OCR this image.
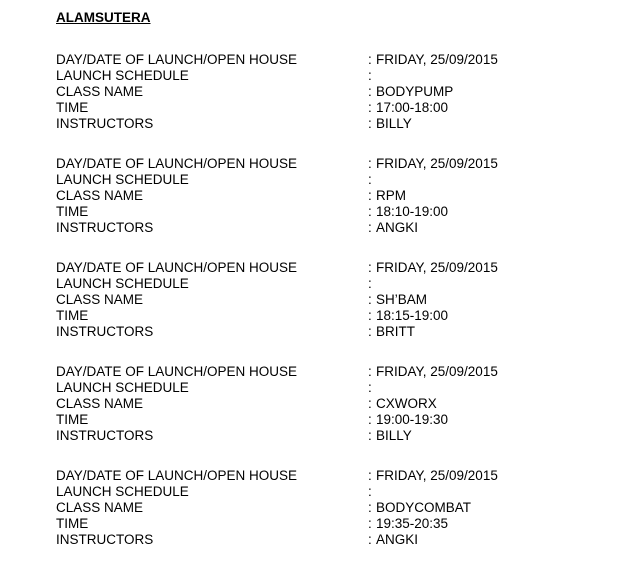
ALAMSUTERA
DAY/DATE OF LAUNCH/OPEN HOUSE	: FRIDAY, 25/09/2015
LAUNCH SCHEDULE	:
CLASS NAME	: BODYPUMP
TIME	: 17:00-18:00
INSTRUCTORS	: BILLY
DAY/DATE OF LAUNCH/OPEN HOUSE	: FRIDAY, 25/09/2015
LAUNCH SCHEDULE	:
CLASS NAME	: RPM
TIME	: 18:10-19:00
INSTRUCTORS	: ANGKI
DAY/DATE OF LAUNCH/OPEN HOUSE	: FRIDAY, 25/09/2015
LAUNCH SCHEDULE	:
CLASS NAME	: SH’BAM
TIME	: 18:15-19:00
INSTRUCTORS	: BRITT
DAY/DATE OF LAUNCH/OPEN HOUSE	: FRIDAY, 25/09/2015
LAUNCH SCHEDULE	:
CLASS NAME	: CXWORX
TIME	: 19:00-19:30
INSTRUCTORS	: BILLY
DAY/DATE OF LAUNCH/OPEN HOUSE	: FRIDAY, 25/09/2015
LAUNCH SCHEDULE	:
CLASS NAME	: BODYCOMBAT
TIME	: 19:35-20:35
INSTRUCTORS	: ANGKI
